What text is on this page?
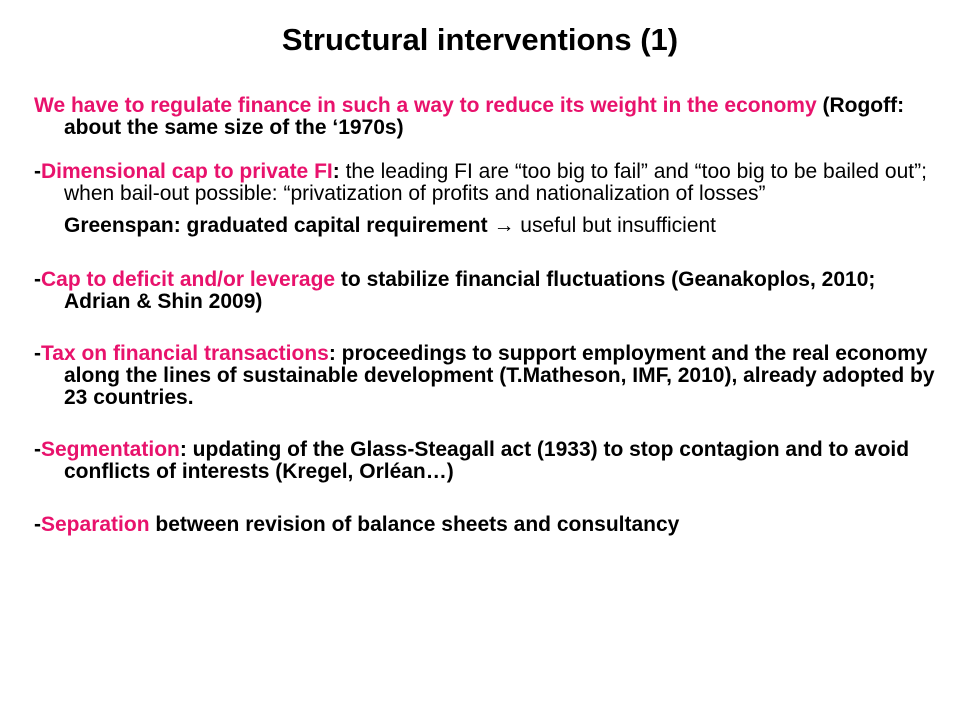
Structural interventions (1)
We have to regulate finance in such a way to reduce its weight in the economy (Rogoff: about the same size of the ‘1970s)
-Dimensional cap to private FI: the leading FI are “too big to fail” and “too big to be bailed out”; when bail-out possible: “privatization of profits and nationalization of losses”
Greenspan: graduated capital requirement → useful but insufficient
-Cap to deficit and/or leverage to stabilize financial fluctuations (Geanakoplos, 2010; Adrian & Shin 2009)
-Tax on financial transactions: proceedings to support employment and the real economy along the lines of sustainable development (T.Matheson, IMF, 2010), already adopted by 23 countries.
-Segmentation: updating of the Glass-Steagall act (1933) to stop contagion and to avoid conflicts of interests (Kregel, Orléan…)
-Separation between revision of balance sheets and consultancy
